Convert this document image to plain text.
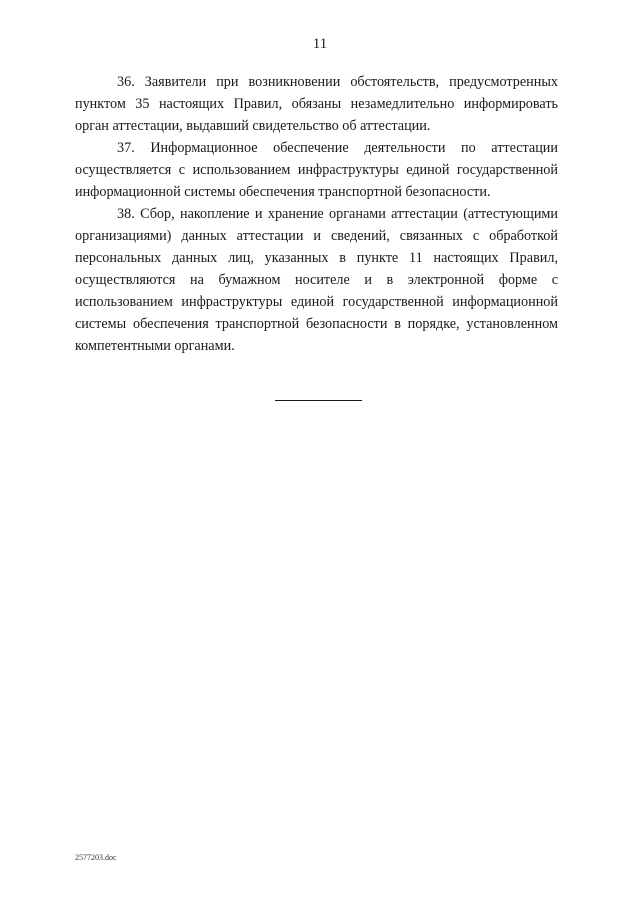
11

36. Заявители при возникновении обстоятельств, предусмотренных пунктом 35 настоящих Правил, обязаны незамедлительно информировать орган аттестации, выдавший свидетельство об аттестации.

37. Информационное обеспечение деятельности по аттестации осуществляется с использованием инфраструктуры единой государственной информационной системы обеспечения транспортной безопасности.

38. Сбор, накопление и хранение органами аттестации (аттестующими организациями) данных аттестации и сведений, связанных с обработкой персональных данных лиц, указанных в пункте 11 настоящих Правил, осуществляются на бумажном носителе и в электронной форме с использованием инфраструктуры единой государственной информационной системы обеспечения транспортной безопасности в порядке, установленном компетентными органами.

2577203.doc
